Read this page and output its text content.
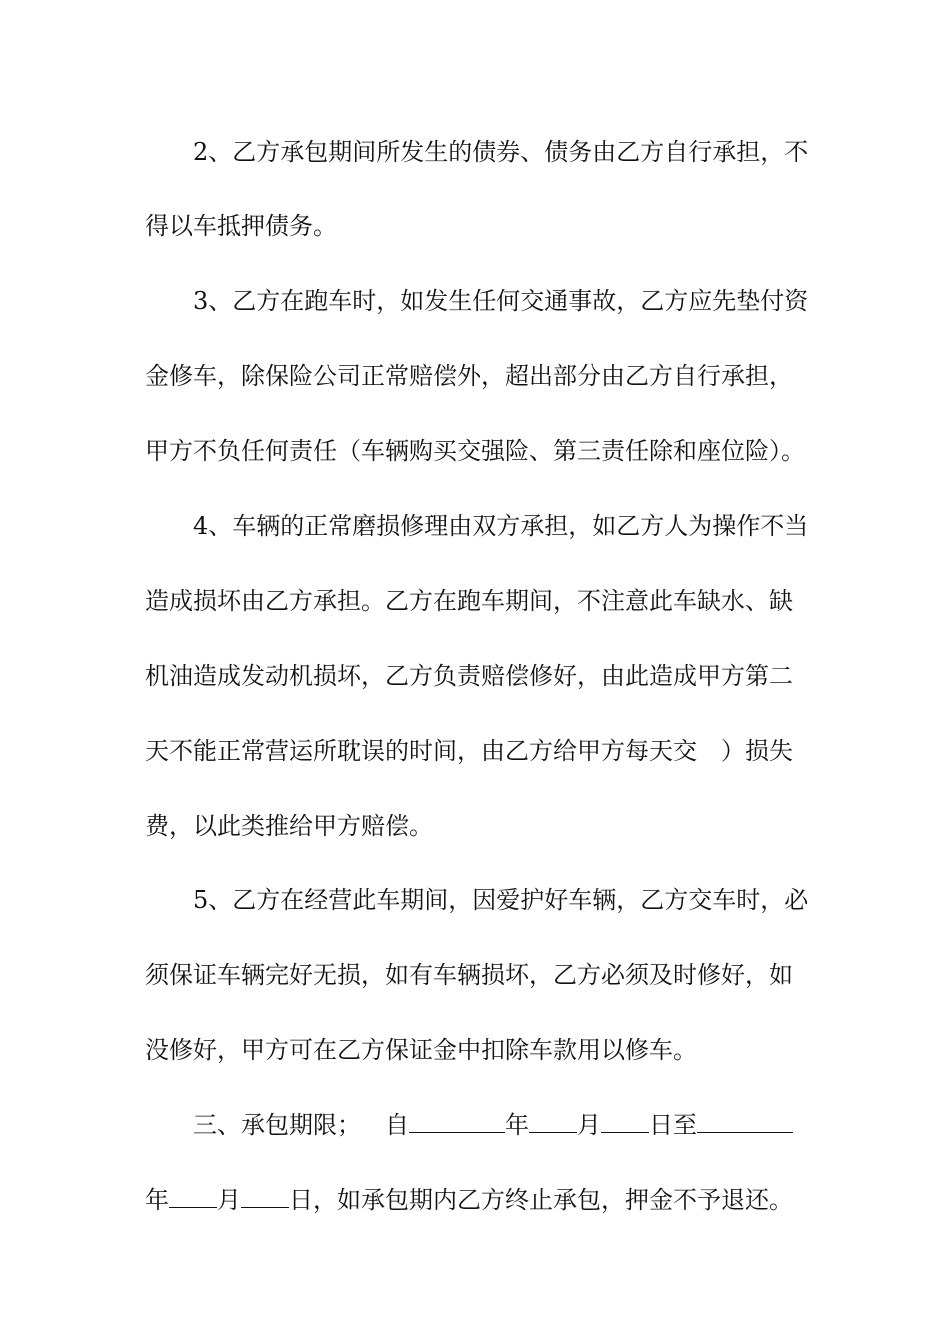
2、乙方承包期间所发生的债券、债务由乙方自行承担，不
得以车抵押债务。
3、乙方在跑车时，如发生任何交通事故，乙方应先垫付资
金修车，除保险公司正常赔偿外，超出部分由乙方自行承担，
甲方不负任何责任（车辆购买交强险、第三责任除和座位险）。
4、车辆的正常磨损修理由双方承担，如乙方人为操作不当
造成损坏由乙方承担。乙方在跑车期间，不注意此车缺水、缺
机油造成发动机损坏，乙方负责赔偿修好，由此造成甲方第二
天不能正常营运所耽误的时间，由乙方给甲方每天交　）损失
费，以此类推给甲方赔偿。
5、乙方在经营此车期间，因爱护好车辆，乙方交车时，必
须保证车辆完好无损，如有车辆损坏，乙方必须及时修好，如
没修好，甲方可在乙方保证金中扣除车款用以修车。
三、承包期限； 自	年 月 日至
年 月 日，如承包期内乙方终止承包，押金不予退还。
